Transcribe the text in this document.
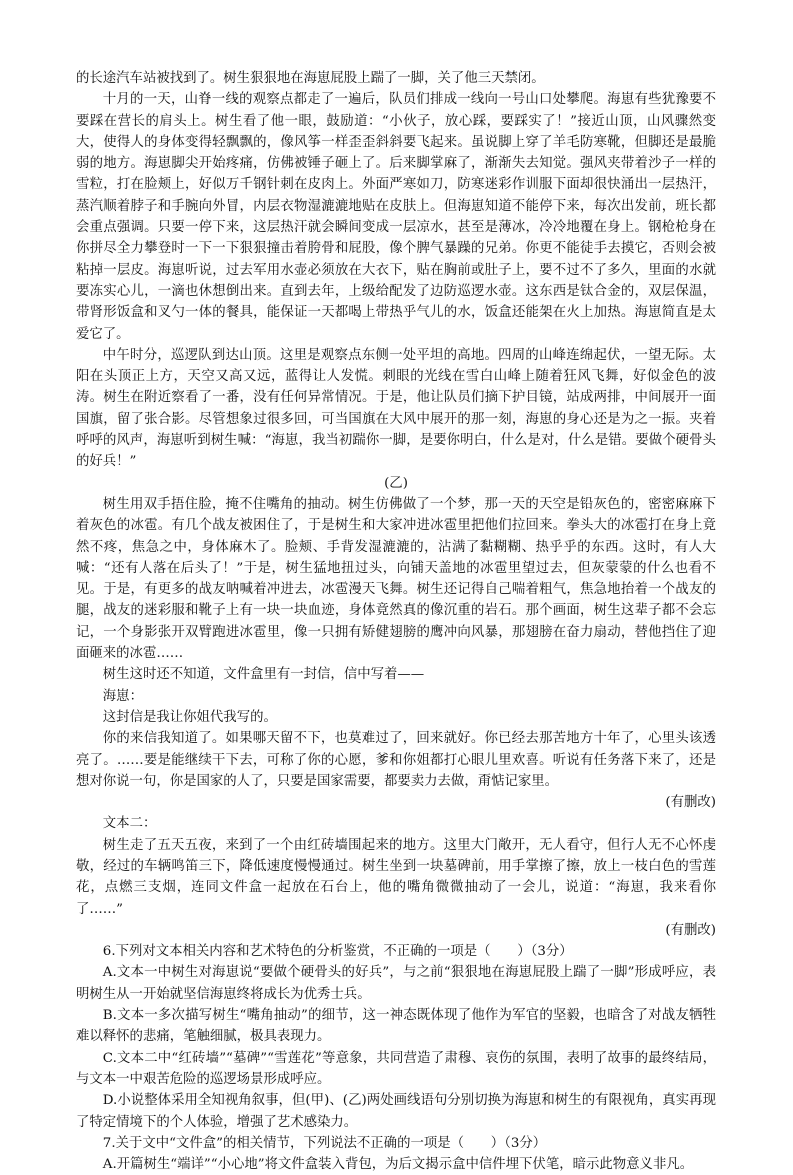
的长途汽车站被找到了。树生狠狠地在海崽屁股上踹了一脚，关了他三天禁闭。

十月的一天，山脊一线的观察点都走了一遍后，队员们排成一线向一号山口处攀爬。海崽有些犹豫要不要踩在营长的肩头上。树生看了他一眼，鼓励道：“小伙子，放心踩，要踩实了！”接近山顶，山风骤然变大，使得人的身体变得轻飘飘的，像风筝一样歪歪斜斜要飞起来。虽说脚上穿了羊毛防寒靴，但脚还是最脆弱的地方。海崽脚尖开始疼痛，仿佛被锤子砸上了。后来脚掌麻了，渐渐失去知觉。强风夹带着沙子一样的雪粒，打在脸颊上，好似万千钢针刺在皮肉上。外面严寒如刀，防寒迷彩作训服下面却很快涌出一层热汗，蒸汽顺着脖子和手腕向外冒，内层衣物湿漉漉地贴在皮肤上。但海崽知道不能停下来，每次出发前，班长都会重点强调。只要一停下来，这层热汗就会瞬间变成一层凉水，甚至是薄冰，冷冷地覆在身上。钢枪枪身在你拼尽全力攀登时一下一下狠狠撞击着胯骨和屁股，像个脾气暴躁的兄弟。你更不能徒手去摸它，否则会被粘掉一层皮。海崽听说，过去军用水壶必须放在大衣下，贴在胸前或肚子上，要不过不了多久，里面的水就要冻实心儿，一滴也休想倒出来。直到去年，上级给配发了边防巡逻水壶。这东西是钛合金的，双层保温，带肾形饭盒和叉勺一体的餐具，能保证一天都喝上带热乎气儿的水，饭盒还能架在火上加热。海崽简直是太爱它了。

中午时分，巡逻队到达山顶。这里是观察点东侧一处平坦的高地。四周的山峰连绵起伏，一望无际。太阳在头顶正上方，天空又高又远，蓝得让人发慌。刺眼的光线在雪白山峰上随着狂风飞舞，好似金色的波涛。树生在附近察看了一番，没有任何异常情况。于是，他让队员们摘下护目镜，站成两排，中间展开一面国旗，留了张合影。尽管想象过很多回，可当国旗在大风中展开的那一刻，海崽的身心还是为之一振。夹着呼呼的风声，海崽听到树生喊：“海崽，我当初踹你一脚，是要你明白，什么是对，什么是错。要做个硬骨头的好兵！”

(乙)

树生用双手捂住脸，掩不住嘴角的抽动。树生仿佛做了一个梦，那一天的天空是铅灰色的，密密麻麻下着灰色的冰雹。有几个战友被困住了，于是树生和大家冲进冰雹里把他们拉回来。拳头大的冰雹打在身上竟然不疼，焦急之中，身体麻木了。脸颊、手背发湿漉漉的，沾满了黏糊糊、热乎乎的东西。这时，有人大喊：“还有人落在后头了！”于是，树生猛地扭过头，向铺天盖地的冰雹里望过去，但灰蒙蒙的什么也看不见。于是，有更多的战友呐喊着冲进去，冰雹漫天飞舞。树生还记得自己喘着粗气，焦急地抬着一个战友的腿，战友的迷彩服和靴子上有一块一块血迹，身体竟然真的像沉重的岩石。那个画面，树生这辈子都不会忘记，一个身影张开双臂跑进冰雹里，像一只拥有矫健翅膀的鹰冲向风暴，那翅膀在奋力扇动，替他挡住了迎面砸来的冰雹……

树生这时还不知道，文件盒里有一封信，信中写着——

海崽：

这封信是我让你姐代我写的。

你的来信我知道了。如果哪天留不下，也莫难过了，回来就好。你已经去那苦地方十年了，心里头该透亮了。……要是能继续干下去，可称了你的心愿，爹和你姐都打心眼儿里欢喜。听说有任务落下来了，还是想对你说一句，你是国家的人了，只要是国家需要，都要卖力去做，甭惦记家里。

(有删改)

文本二：

树生走了五天五夜，来到了一个由红砖墙围起来的地方。这里大门敞开，无人看守，但行人无不心怀虔敬，经过的车辆鸣笛三下，降低速度慢慢通过。树生坐到一块墓碑前，用手掌擦了擦，放上一枝白色的雪莲花，点燃三支烟，连同文件盒一起放在石台上，他的嘴角微微抽动了一会儿，说道：“海崽，我来看你了……”

(有删改)

6.下列对文本相关内容和艺术特色的分析鉴赏，不正确的一项是（　　）（3分）

A.文本一中树生对海崽说“要做个硬骨头的好兵”，与之前“狠狠地在海崽屁股上踹了一脚”形成呼应，表明树生从一开始就坚信海崽终将成长为优秀士兵。

B.文本一多次描写树生“嘴角抽动”的细节，这一神态既体现了他作为军官的坚毅，也暗含了对战友牺牲难以释怀的悲痛，笔触细腻，极具表现力。

C.文本二中“红砖墙”“墓碑”“雪莲花”等意象，共同营造了肃穆、哀伤的氛围，表明了故事的最终结局，与文本一中艰苦危险的巡逻场景形成呼应。

D.小说整体采用全知视角叙事，但(甲)、(乙)两处画线语句分别切换为海崽和树生的有限视角，真实再现了特定情境下的个人体验，增强了艺术感染力。

7.关于文中“文件盒”的相关情节，下列说法不正确的一项是（　　）（3分）

A.开篇树生“端详”“小心地”将文件盒装入背包，为后文揭示盒中信件埋下伏笔，暗示此物意义非凡。
